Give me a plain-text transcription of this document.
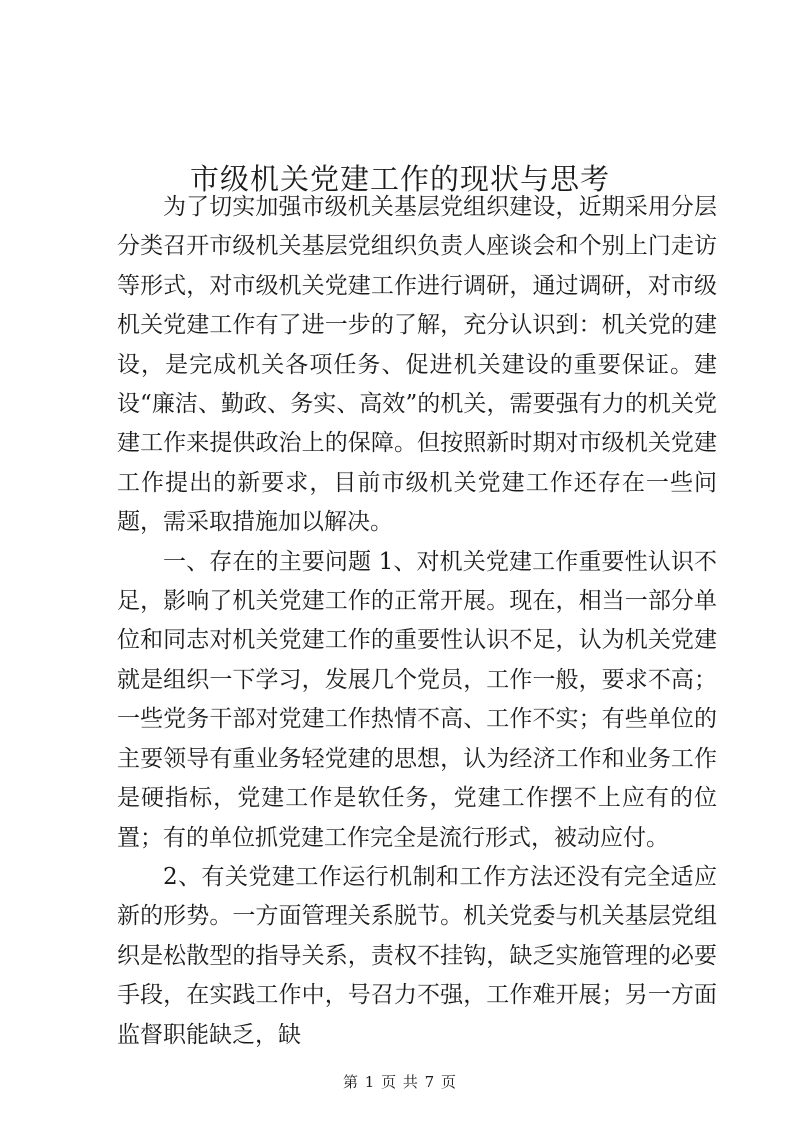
市级机关党建工作的现状与思考

为了切实加强市级机关基层党组织建设，近期采用分层分类召开市级机关基层党组织负责人座谈会和个别上门走访等形式，对市级机关党建工作进行调研，通过调研，对市级机关党建工作有了进一步的了解，充分认识到：机关党的建设，是完成机关各项任务、促进机关建设的重要保证。建设“廉洁、勤政、务实、高效”的机关，需要强有力的机关党建工作来提供政治上的保障。但按照新时期对市级机关党建工作提出的新要求，目前市级机关党建工作还存在一些问题，需采取措施加以解决。

一、存在的主要问题 1、对机关党建工作重要性认识不足，影响了机关党建工作的正常开展。现在，相当一部分单位和同志对机关党建工作的重要性认识不足，认为机关党建就是组织一下学习，发展几个党员，工作一般，要求不高；一些党务干部对党建工作热情不高、工作不实；有些单位的主要领导有重业务轻党建的思想，认为经济工作和业务工作是硬指标，党建工作是软任务，党建工作摆不上应有的位置；有的单位抓党建工作完全是流行形式，被动应付。

2、有关党建工作运行机制和工作方法还没有完全适应新的形势。一方面管理关系脱节。机关党委与机关基层党组织是松散型的指导关系，责权不挂钩，缺乏实施管理的必要手段，在实践工作中，号召力不强，工作难开展；另一方面监督职能缺乏，缺

第 1 页 共 7 页
